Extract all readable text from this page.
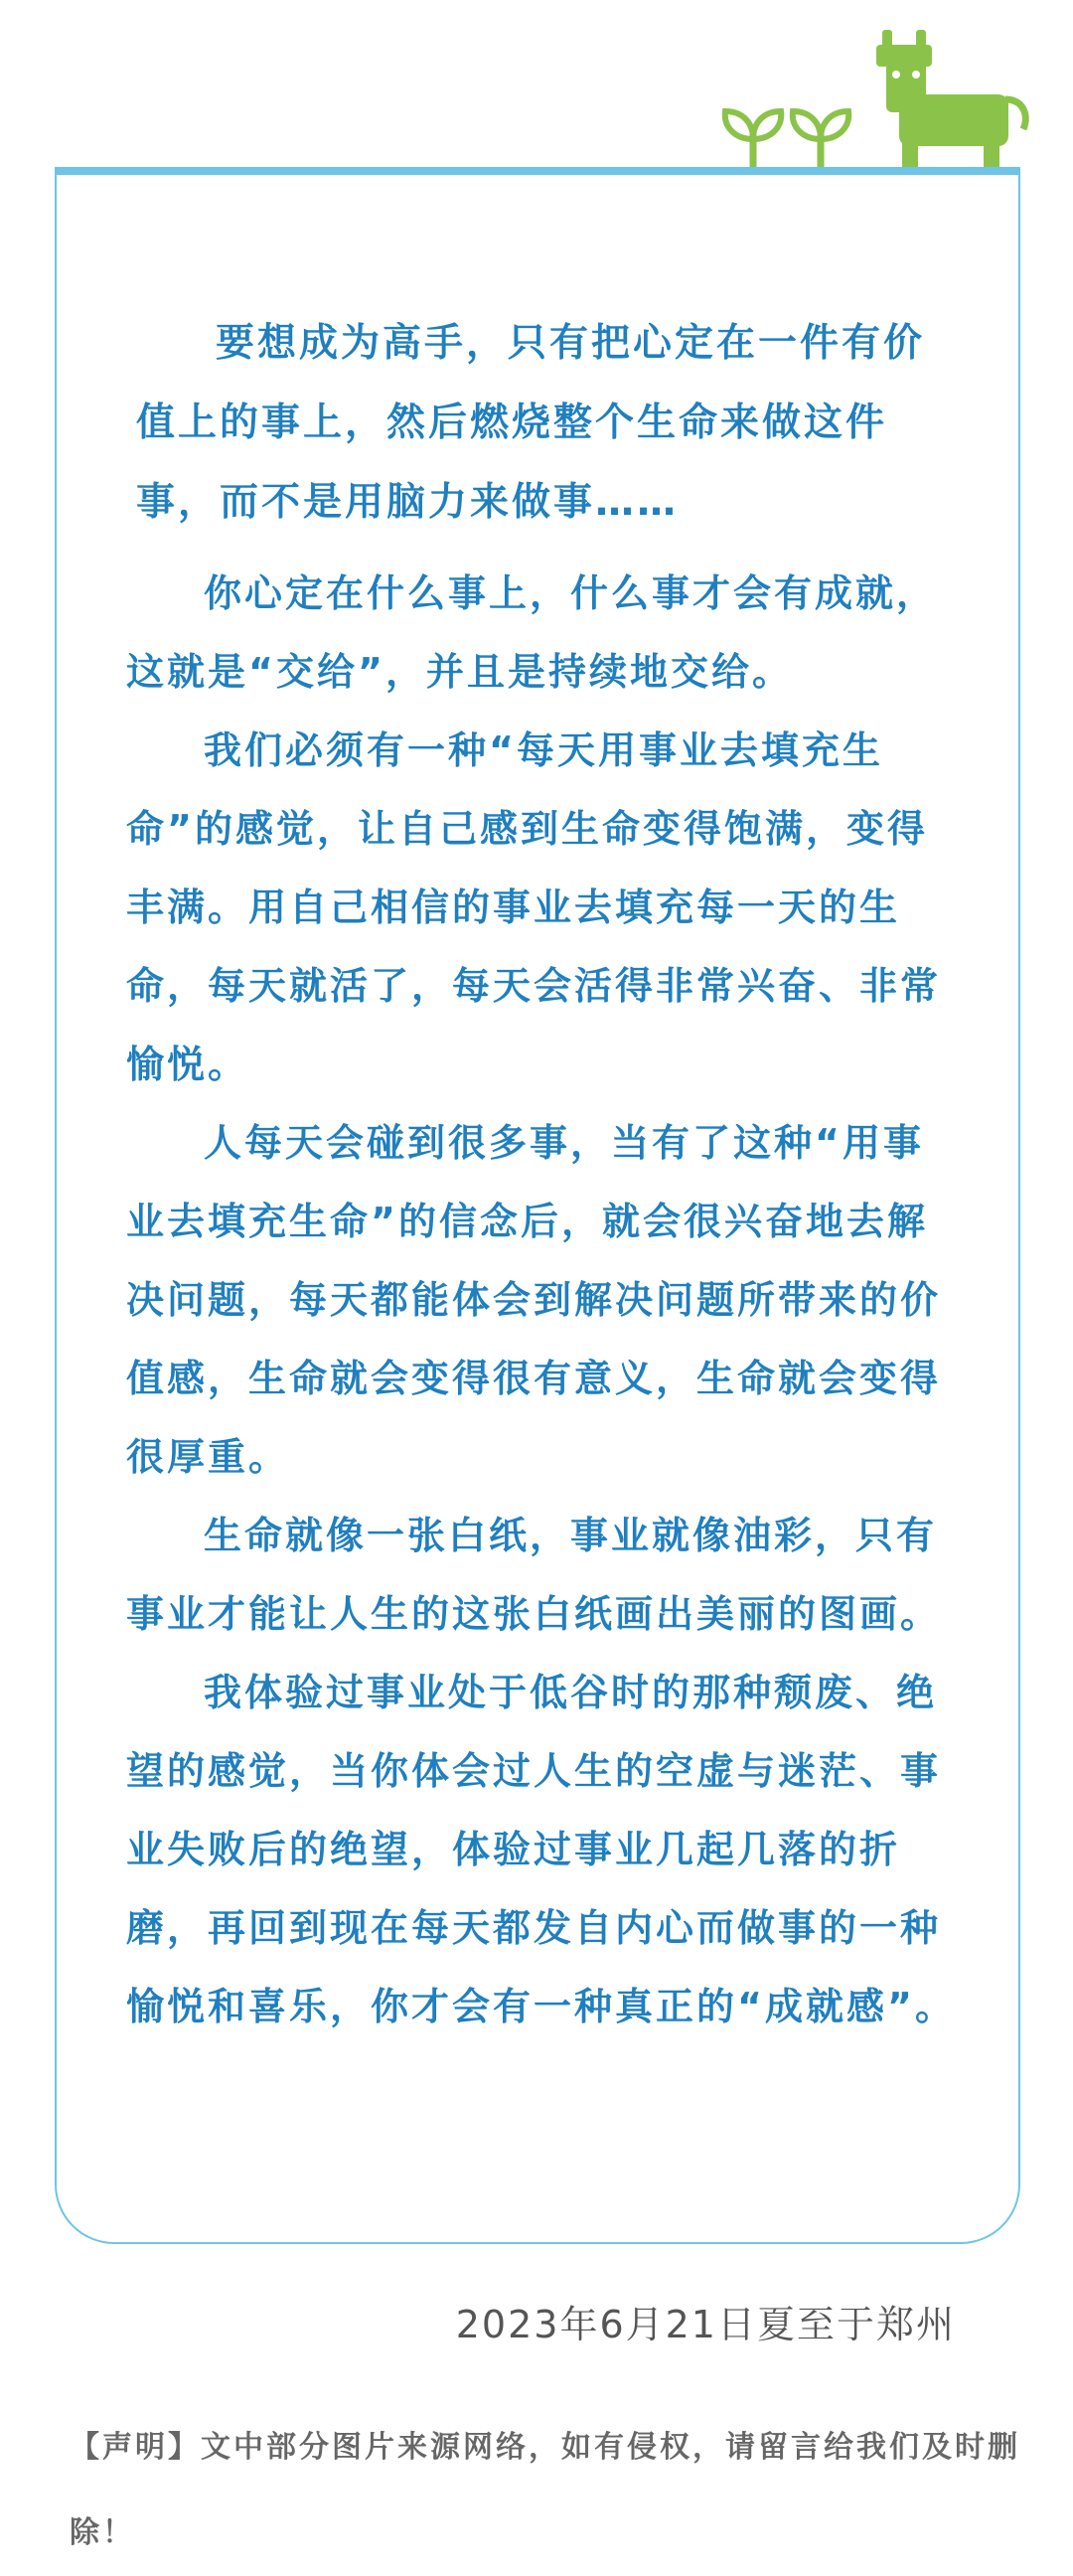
要想成为高手，只有把心定在一件有价值上的事上，然后燃烧整个生命来做这件事，而不是用脑力来做事……

你心定在什么事上，什么事才会有成就，这就是“交给”，并且是持续地交给。

我们必须有一种“每天用事业去填充生命”的感觉，让自己感到生命变得饱满，变得丰满。用自己相信的事业去填充每一天的生命，每天就活了，每天会活得非常兴奋、非常愉悦。

人每天会碰到很多事，当有了这种“用事业去填充生命”的信念后，就会很兴奋地去解决问题，每天都能体会到解决问题所带来的价值感，生命就会变得很有意义，生命就会变得很厚重。

生命就像一张白纸，事业就像油彩，只有事业才能让人生的这张白纸画出美丽的图画。

我体验过事业处于低谷时的那种颓废、绝望的感觉，当你体会过人生的空虚与迷茫、事业失败后的绝望，体验过事业几起几落的折磨，再回到现在每天都发自内心而做事的一种愉悦和喜乐，你才会有一种真正的“成就感”。

2023年6月21日夏至于郑州
【声明】文中部分图片来源网络，如有侵权，请留言给我们及时删除！
